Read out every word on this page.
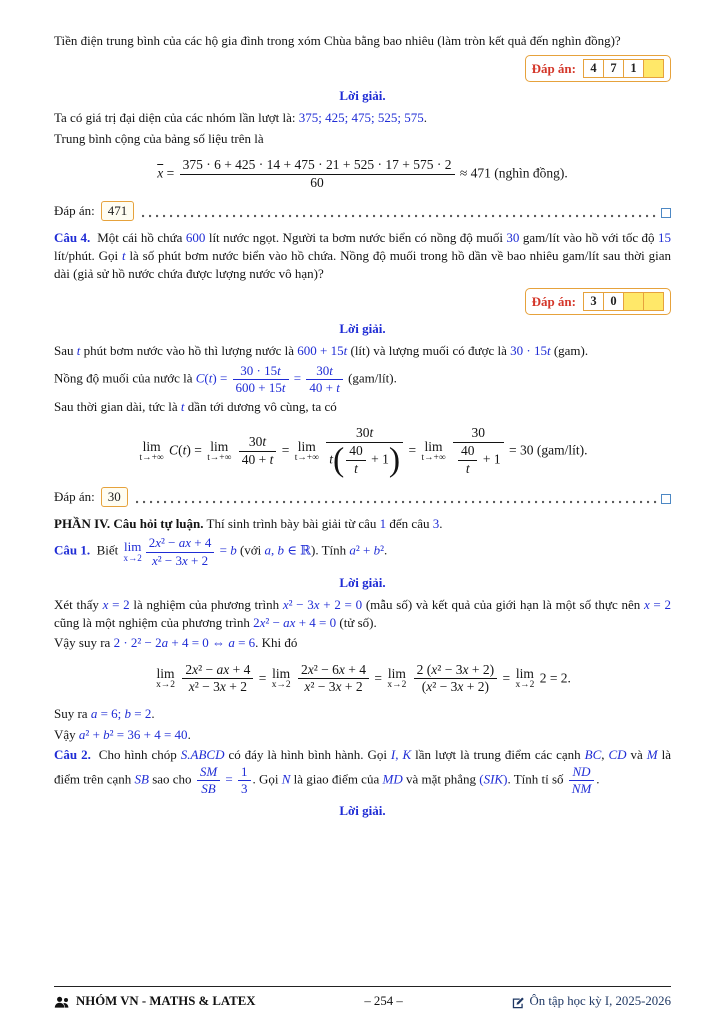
Tiền điện trung bình của các hộ gia đình trong xóm Chùa bằng bao nhiêu (làm tròn kết quả đến nghìn đồng)?

Đáp án:	4	7	1
Lời giải.

Ta có giá trị đại diện của các nhóm lần lượt là: 375; 425; 475; 525; 575.

Trung bình cộng của bảng số liệu trên là

$\overline{x} = \frac{375 \cdot 6 + 425 \cdot 14 + 475 \cdot 21 + 525 \cdot 17 + 575 \cdot 2}{60} \approx 471$ (nghìn đồng).
Đáp án:	471

Câu 4.  Một cái hồ chứa 600 lít nước ngọt. Người ta bơm nước biển có nồng độ muối 30 gam/lít vào hồ với tốc độ 15 lít/phút. Gọi t là số phút bơm nước biển vào hồ chứa. Nồng độ muối trong hồ dần về bao nhiêu gam/lít sau thời gian dài (giả sử hồ nước chứa được lượng nước vô hạn)?

Đáp án:	3	0
Lời giải.

Sau t phút bơm nước vào hồ thì lượng nước là 600 + 15t (lít) và lượng muối có được là 30 · 15t (gam).

Nồng độ muối của nước là $C(t) = \frac{30 \cdot 15t}{600 + 15t} = \frac{30t}{40 + t}$ (gam/lít).

Sau thời gian dài, tức là t dần tới dương vô cùng, ta có

lim
t→+∞
C(t) = lim
t→+∞
$\frac{30t}{40 + t} = \lim$
t→+∞
$\frac{30t}{t( \frac{40}{t} + 1)} = \lim$
t→+∞
$\frac{30}{\frac{40}{t} + 1} = 30$ (gam/lít).
Đáp án:	30

PHẦN IV. Câu hỏi tự luận. Thí sinh trình bày bài giải từ câu 1 đến câu 3.

Câu 1.  Biết lim
$x\to 2 \frac{\text{2x² − ax + 4}}{\text{x² − 3x + 2}} = b$ (với a, b ∈ ℝ). Tính a² + b².

Lời giải.

Xét thấy x = 2 là nghiệm của phương trình x² − 3x + 2 = 0 (mẫu số) và kết quả của giới hạn là một số thực nên x = 2 cũng là một nghiệm của phương trình 2x² − ax + 4 = 0 (tử số).

Vậy suy ra 2 · 2² − 2a + 4 = 0 ⇔ a = 6. Khi đó

lim
x→2
$\frac{\text{2x² − ax + 4}}{\text{x² − 3x + 2}} = \lim$
x→2
$\frac{\text{2x² − 6x + 4}}{\text{x² − 3x + 2}} = \lim$
x→2
$\frac{\text{2 (x² − 3x + 2)}}{\text{(x² − 3x + 2)}} = \lim$
x→2
2 = 2.

Suy ra a = 6; b = 2.

Vậy a² + b² = 36 + 4 = 40.

Câu 2.  Cho hình chóp S.ABCD có đáy là hình bình hành. Gọi I, K lần lượt là trung điểm các cạnh BC, CD và M là điểm trên cạnh SB sao cho $\frac{SM}{SB} = \frac{1}{3}$ . Gọi N là giao điểm của MD và mặt phẳng (SIK). Tính tỉ số $\frac{ND}{NM}$ .

Lời giải.
NHÓM VN - MATHS & LATEX	– 254 –	Ôn tập học kỳ I, 2025-2026
